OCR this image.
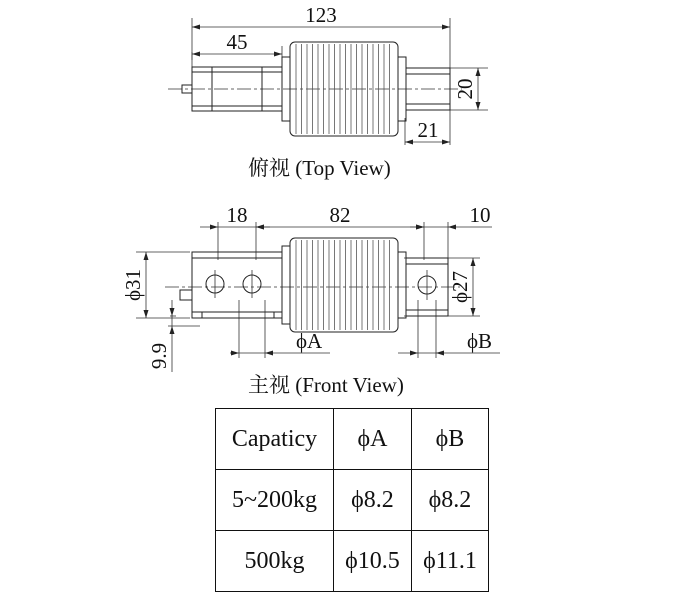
123
45
20
21
俯视 (Top View)
18	82	10
ϕ31	ϕ27
9.9
ϕA	ϕB
主视 (Front View)
Capaticy	ϕA	ϕB
5~200kg	ϕ8.2	ϕ8.2
500kg	ϕ10.5	ϕ11.1
